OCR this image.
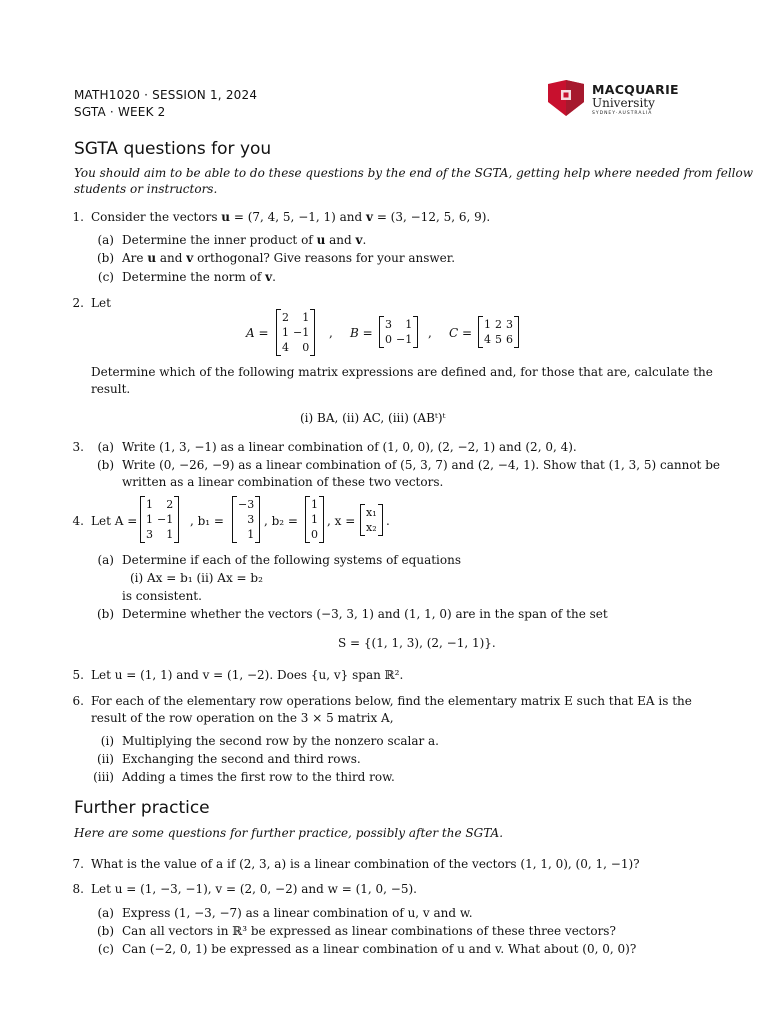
MATH1020 · SESSION 1, 2024
SGTA · WEEK 2
MACQUARIE
University
SYDNEY·AUSTRALIA
SGTA questions for you
You should aim to be able to do these questions by the end of the SGTA, getting help where needed from fellow
students or instructors.
1. Consider the vectors u = (7, 4, 5, −1, 1) and v = (3, −12, 5, 6, 9).
(a) Determine the inner product of u and v.
(b) Are u and v orthogonal? Give reasons for your answer.
(c) Determine the norm of v.
2. Let
A =
2	1
1	−1
4	0
, B =
3	1
0	−1 , C =
1	2	3
4	5	6
Determine which of the following matrix expressions are defined and, for those that are, calculate the
result.
(i) BA, (ii) AC, (iii) (ABᵗ)ᵗ
3.	(a) Write (1, 3, −1) as a linear combination of (1, 0, 0), (2, −2, 1) and (2, 0, 4).
(b) Write (0, −26, −9) as a linear combination of (5, 3, 7) and (2, −4, 1). Show that (1, 3, 5) cannot be
written as a linear combination of these two vectors.
4. Let A =
1	2
1	−1
3	1
, b₁ =
−3
3
1
, b₂ =
1
1
0
, x =
x₁
x₂ .
(a) Determine if each of the following systems of equations
(i) Ax = b₁ (ii) Ax = b₂
is consistent.
(b) Determine whether the vectors (−3, 3, 1) and (1, 1, 0) are in the span of the set
S = {(1, 1, 3), (2, −1, 1)}.
5. Let u = (1, 1) and v = (1, −2). Does {u, v} span ℝ².
6. For each of the elementary row operations below, find the elementary matrix E such that EA is the
result of the row operation on the 3 × 5 matrix A,
(i) Multiplying the second row by the nonzero scalar a.
(ii) Exchanging the second and third rows.
(iii) Adding a times the first row to the third row.
Further practice
Here are some questions for further practice, possibly after the SGTA.
7. What is the value of a if (2, 3, a) is a linear combination of the vectors (1, 1, 0), (0, 1, −1)?
8. Let u = (1, −3, −1), v = (2, 0, −2) and w = (1, 0, −5).
(a) Express (1, −3, −7) as a linear combination of u, v and w.
(b) Can all vectors in ℝ³ be expressed as linear combinations of these three vectors?
(c) Can (−2, 0, 1) be expressed as a linear combination of u and v. What about (0, 0, 0)?
